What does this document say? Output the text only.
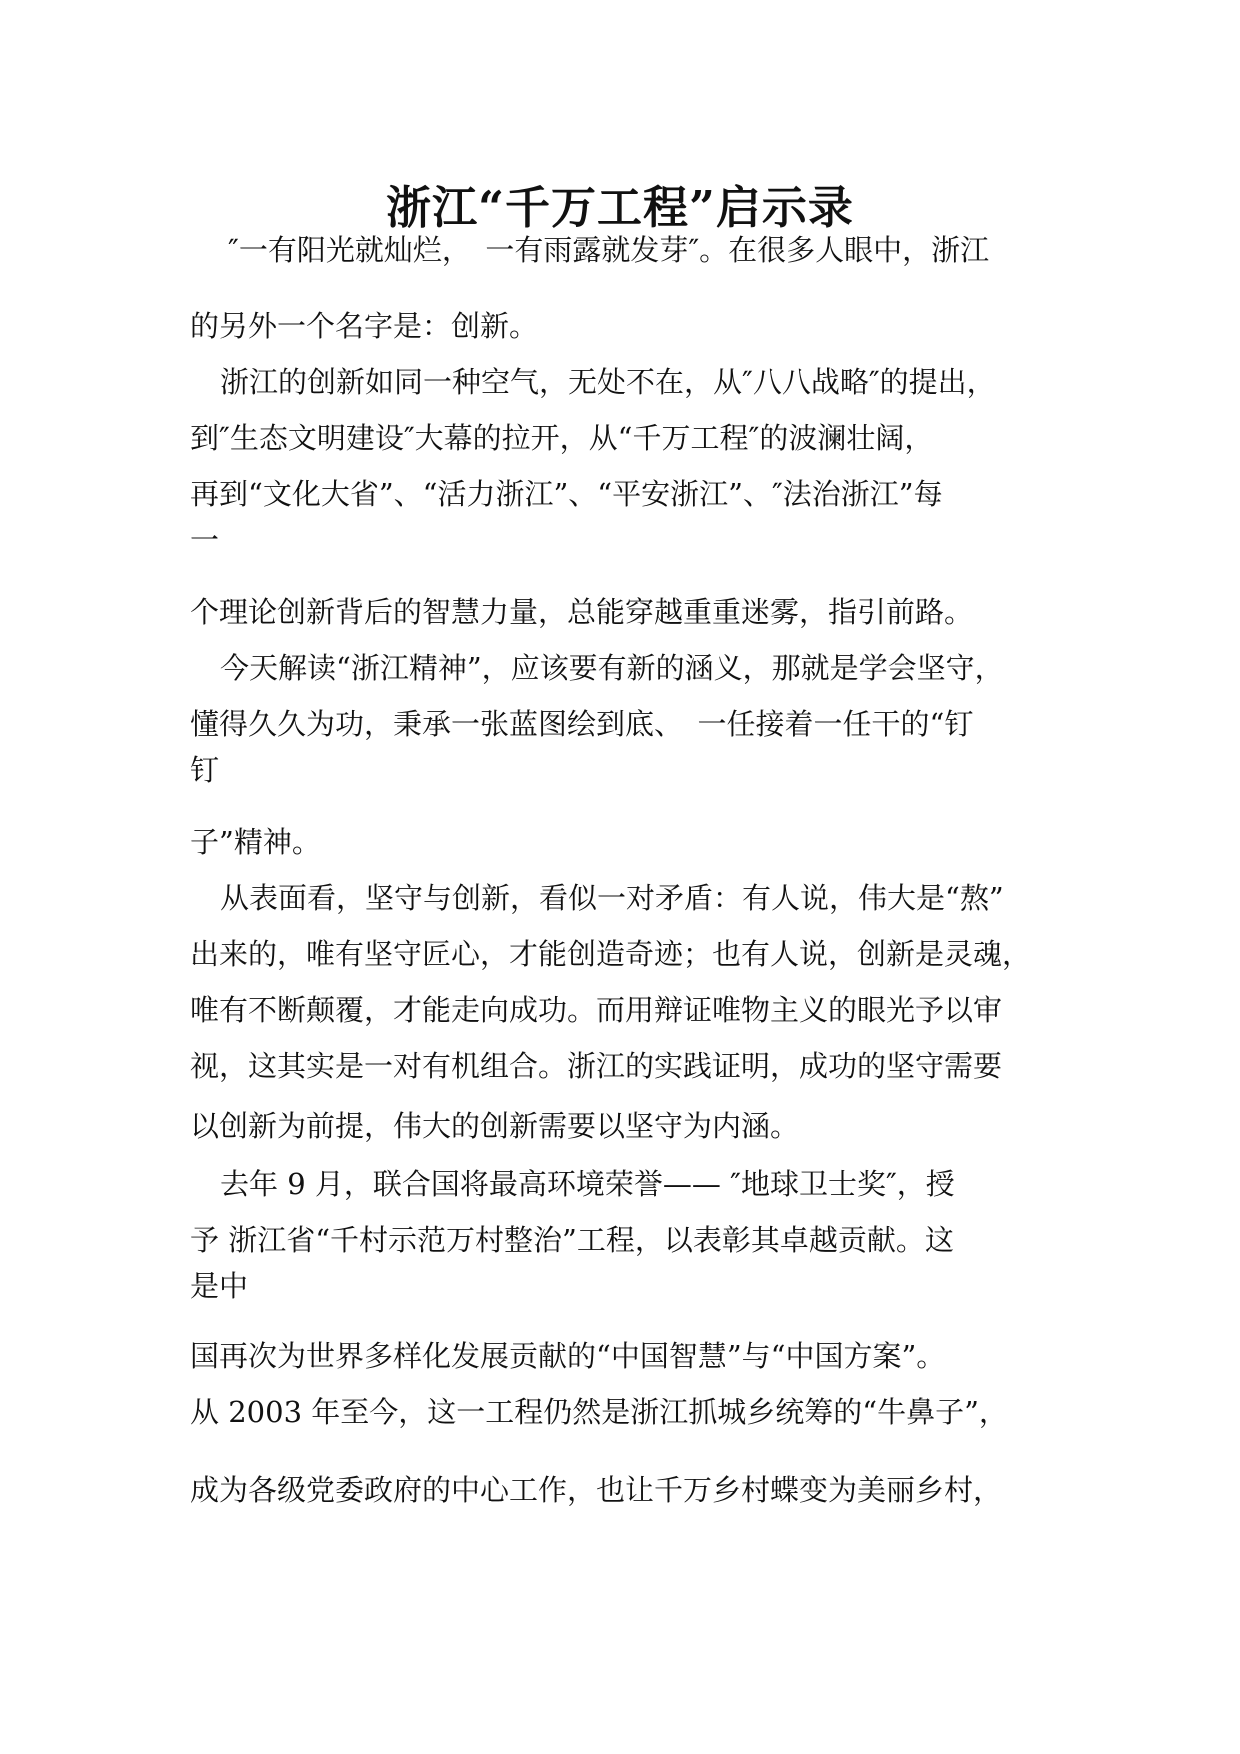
浙江“千万工程”启示录
″一有阳光就灿烂，　一有雨露就发芽″。在很多人眼中，浙江
的另外一个名字是：创新。
浙江的创新如同一种空气，无处不在，从″八八战略″的提出，
到″生态文明建设″大幕的拉开，从“千万工程″的波澜壮阔，
再到“文化大省”、“活力浙江”、“平安浙江”、″法治浙江”每
一
个理论创新背后的智慧力量，总能穿越重重迷雾，指引前路。
今天解读“浙江精神”，应该要有新的涵义，那就是学会坚守，
懂得久久为功，秉承一张蓝图绘到底、　一任接着一任干的“钉
钉
子”精神。
从表面看，坚守与创新，看似一对矛盾：有人说，伟大是“熬”
出来的，唯有坚守匠心，才能创造奇迹；也有人说，创新是灵魂，
唯有不断颠覆，才能走向成功。而用辩证唯物主义的眼光予以审
视，这其实是一对有机组合。浙江的实践证明，成功的坚守需要
以创新为前提，伟大的创新需要以坚守为内涵。
去年 9 月，联合国将最高环境荣誉—— ″地球卫士奖″，授
予 浙江省“千村示范万村整治”工程，以表彰其卓越贡献。这
是中
国再次为世界多样化发展贡献的“中国智慧”与“中国方案”。
从 2003 年至今，这一工程仍然是浙江抓城乡统筹的“牛鼻子”，
成为各级党委政府的中心工作，也让千万乡村蝶变为美丽乡村，
